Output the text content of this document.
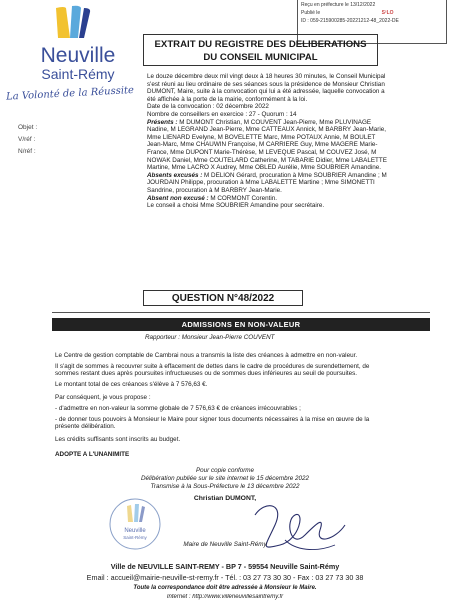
Reçu en préfecture le 13/12/2022
Publié le	S²LO
ID : 059-215900285-20221212-48_2022-DE
Neuville
Saint-Rémy
La Volonté de la Réussite
EXTRAIT DU REGISTRE DES DELIBERATIONS
DU CONSEIL MUNICIPAL
Objet :
V/réf :
N/réf :

Le douze décembre deux mil vingt deux à 18 heures 30 minutes, le Conseil Municipal s'est réuni au lieu ordinaire de ses séances sous la présidence de Monsieur Christian DUMONT, Maire, suite à la convocation qui lui a été adressée, laquelle convocation a été affichée à la porte de la mairie, conformément à la loi.

Date de la convocation : 02 décembre 2022

Nombre de conseillers en exercice : 27 - Quorum : 14

Présents : M DUMONT Christian, M COUVENT Jean-Pierre, Mme PLUVINAGE Nadine, M LEGRAND Jean-Pierre, Mme CATTEAUX Annick, M BARBRY Jean-Marie, Mme LIENARD Evelyne, M BOVELETTE Marc, Mme POTAUX Annie, M BOULET Jean-Marc, Mme CHAUWIN Françoise, M CARRIERE Guy, Mme MAGERE Marie-France, Mme DUPONT Marie-Thérèse, M LEVEQUE Pascal, M COUVEZ José, M NOWAK Daniel, Mme COUTELARD Catherine, M TABARIE Didier, Mme LABALETTE Martine, Mme LACRO X Audrey, Mme OBLED Aurélie, Mme SOUBRIER Amandine.

Absents excusés : M DELION Gérard, procuration à Mme SOUBRIER Amandine ; M JOURDAIN Philippe, procuration à Mme LABALETTE Martine ; Mme SIMONETTI Sandrine, procuration à M BARBRY Jean-Marie.

Absent non excusé : M CORMONT Corentin.

Le conseil a choisi Mme SOUBRIER Amandine pour secrétaire.

QUESTION N°48/2022
ADMISSIONS EN NON-VALEUR
Rapporteur : Monsieur Jean-Pierre COUVENT

Le Centre de gestion comptable de Cambrai nous a transmis la liste des créances à admettre en non-valeur.

Il s'agit de sommes à recouvrer suite à effacement de dettes dans le cadre de procédures de surendettement, de sommes restant dues après poursuites infructueuses ou de sommes dues inférieures au seuil de poursuites.

Le montant total de ces créances s'élève à 7 576,63 €.

Par conséquent, je vous propose :

- d'admettre en non-valeur la somme globale de 7 576,63 € de créances irrécouvrables ;

- de donner tous pouvoirs à Monsieur le Maire pour signer tous documents nécessaires à la mise en œuvre de la présente délibération.

Les crédits suffisants sont inscrits au budget.

ADOPTE A L'UNANIMITE

Pour copie conforme
Délibération publiée sur le site internet le 15 décembre 2022
Transmise à la Sous-Préfecture le 13 décembre 2022
Christian DUMONT,
Neuville
Saint-Rémy
Maire de Neuville Saint-Rémy
Ville de NEUVILLE SAINT-REMY - BP 7 - 59554 Neuville Saint-Rémy
Email : accueil@mairie-neuville-st-remy.fr - Tél. : 03 27 73 30 30 - Fax : 03 27 73 30 38
Toute la correspondance doit être adressée à Monsieur le Maire.
Internet : http://www.villeneuvillesaintremy.fr
